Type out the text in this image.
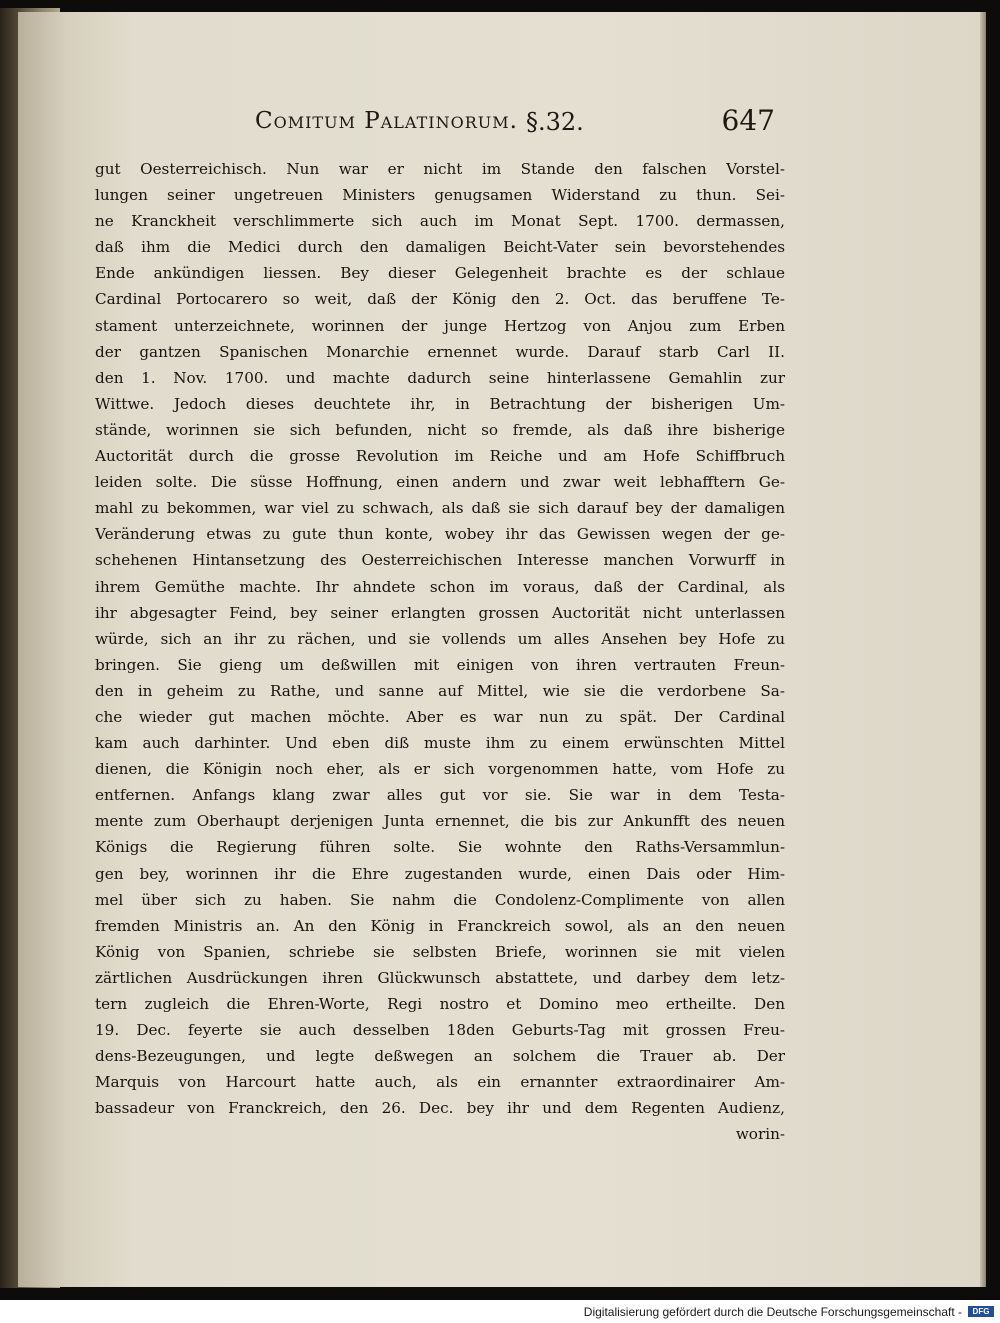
Comitum Palatinorum. §.32.	647
gut Oesterreichisch. Nun war er nicht im Stande den falschen Vorstel-
lungen seiner ungetreuen Ministers genugsamen Widerstand zu thun. Sei-
ne Kranckheit verschlimmerte sich auch im Monat Sept. 1700. dermassen,
daß ihm die Medici durch den damaligen Beicht-Vater sein bevorstehendes
Ende ankündigen liessen. Bey dieser Gelegenheit brachte es der schlaue
Cardinal Portocarero so weit, daß der König den 2. Oct. das beruffene Te-
stament unterzeichnete, worinnen der junge Hertzog von Anjou zum Erben
der gantzen Spanischen Monarchie ernennet wurde. Darauf starb Carl II.
den 1. Nov. 1700. und machte dadurch seine hinterlassene Gemahlin zur
Wittwe. Jedoch dieses deuchtete ihr, in Betrachtung der bisherigen Um-
stände, worinnen sie sich befunden, nicht so fremde, als daß ihre bisherige
Auctorität durch die grosse Revolution im Reiche und am Hofe Schiffbruch
leiden solte. Die süsse Hoffnung, einen andern und zwar weit lebhafftern Ge-
mahl zu bekommen, war viel zu schwach, als daß sie sich darauf bey der damaligen
Veränderung etwas zu gute thun konte, wobey ihr das Gewissen wegen der ge-
schehenen Hintansetzung des Oesterreichischen Interesse manchen Vorwurff in
ihrem Gemüthe machte. Ihr ahndete schon im voraus, daß der Cardinal, als
ihr abgesagter Feind, bey seiner erlangten grossen Auctorität nicht unterlassen
würde, sich an ihr zu rächen, und sie vollends um alles Ansehen bey Hofe zu
bringen. Sie gieng um deßwillen mit einigen von ihren vertrauten Freun-
den in geheim zu Rathe, und sanne auf Mittel, wie sie die verdorbene Sa-
che wieder gut machen möchte. Aber es war nun zu spät. Der Cardinal
kam auch darhinter. Und eben diß muste ihm zu einem erwünschten Mittel
dienen, die Königin noch eher, als er sich vorgenommen hatte, vom Hofe zu
entfernen. Anfangs klang zwar alles gut vor sie. Sie war in dem Testa-
mente zum Oberhaupt derjenigen Junta ernennet, die bis zur Ankunfft des neuen
Königs die Regierung führen solte. Sie wohnte den Raths-Versammlun-
gen bey, worinnen ihr die Ehre zugestanden wurde, einen Dais oder Him-
mel über sich zu haben. Sie nahm die Condolenz-Complimente von allen
fremden Ministris an. An den König in Franckreich sowol, als an den neuen
König von Spanien, schriebe sie selbsten Briefe, worinnen sie mit vielen
zärtlichen Ausdrückungen ihren Glückwunsch abstattete, und darbey dem letz-
tern zugleich die Ehren-Worte, Regi nostro et Domino meo ertheilte. Den
19. Dec. feyerte sie auch desselben 18den Geburts-Tag mit grossen Freu-
dens-Bezeugungen, und legte deßwegen an solchem die Trauer ab. Der
Marquis von Harcourt hatte auch, als ein ernannter extraordinairer Am-
bassadeur von Franckreich, den 26. Dec. bey ihr und dem Regenten Audienz,
worin-
Digitalisierung gefördert durch die Deutsche Forschungsgemeinschaft -	DFG
